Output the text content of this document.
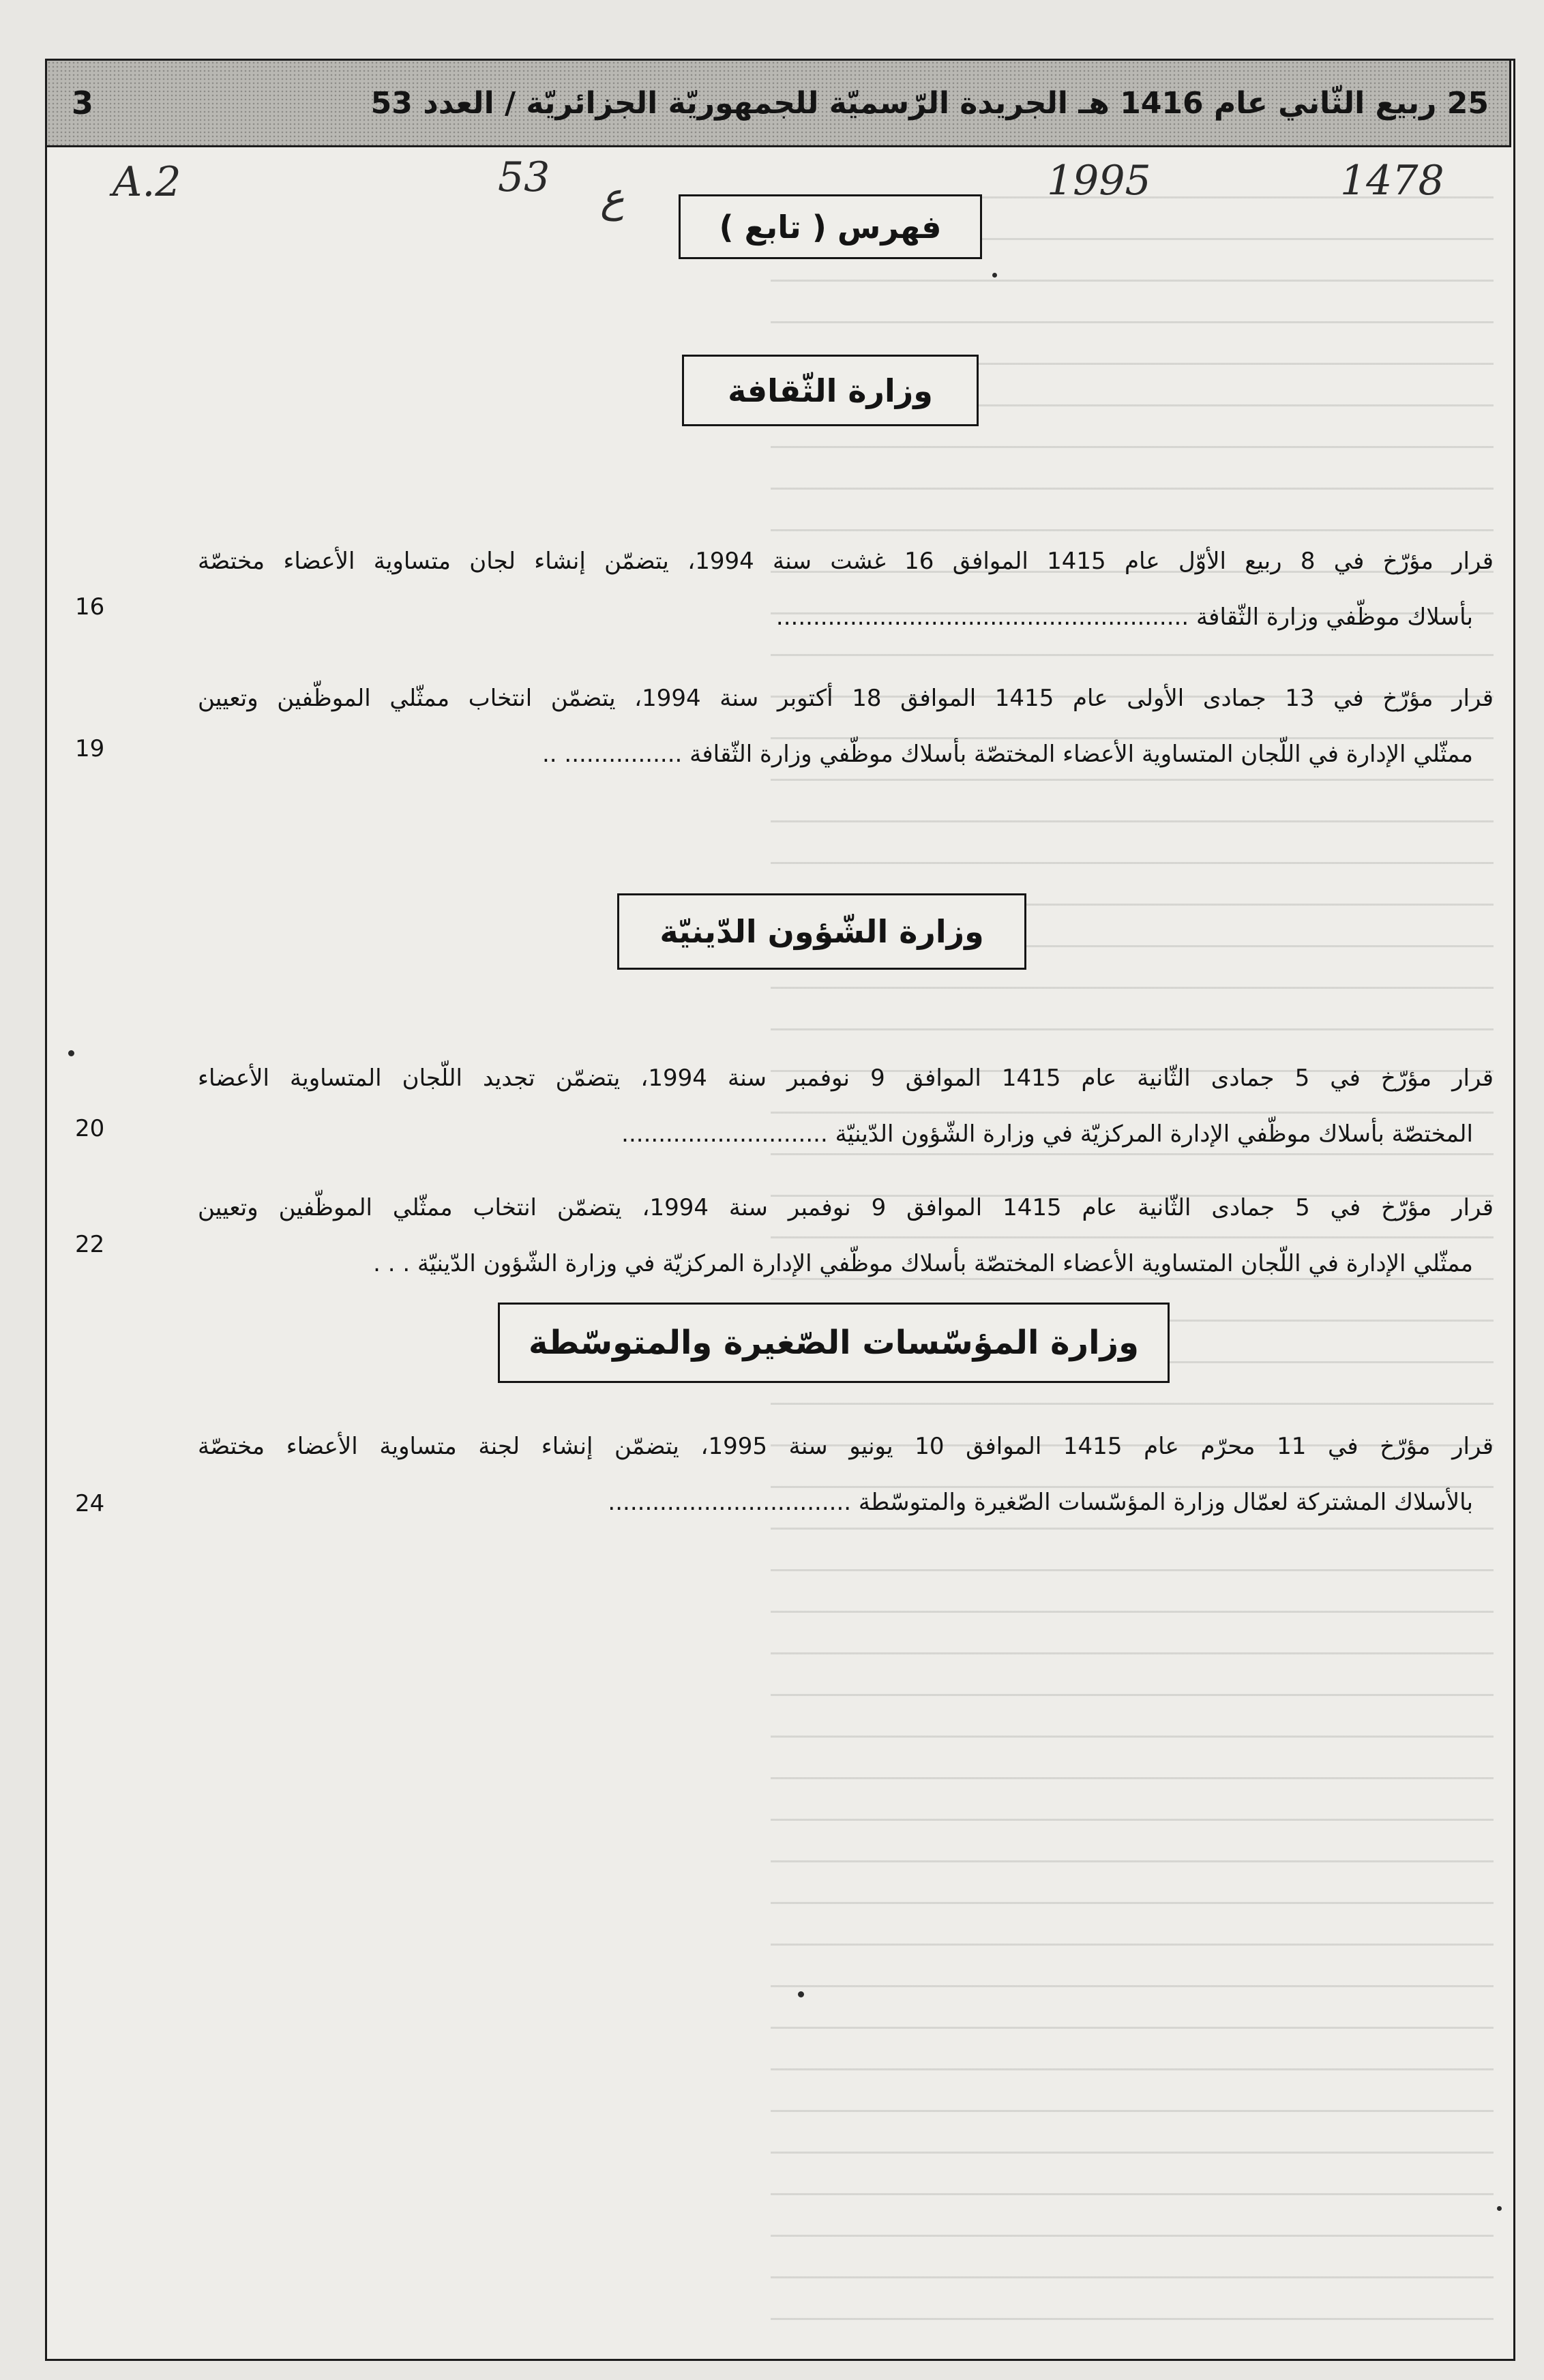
3	25 ربيع الثّاني عام 1416 هـ الجريدة الرّسميّة للجمهوريّة الجزائريّة / العدد 53
A.2	53 ع	1995	1478
فهرس ( تابع )
وزارة الثّقافة
قرار مؤرّخ في 8 ربيع الأوّل عام 1415 الموافق 16 غشت سنة 1994، يتضمّن إنشاء لجان متساوية الأعضاء مختصّة
بأسلاك موظّفي وزارة الثّقافة ........................................................
16
قرار مؤرّخ في 13 جمادى الأولى عام 1415 الموافق 18 أكتوبر سنة 1994، يتضمّن انتخاب ممثّلي الموظّفين وتعيين
ممثّلي الإدارة في اللّجان المتساوية الأعضاء المختصّة بأسلاك موظّفي وزارة الثّقافة ................ ..
19
وزارة الشّؤون الدّينيّة
قرار مؤرّخ في 5 جمادى الثّانية عام 1415 الموافق 9 نوفمبر سنة 1994، يتضمّن تجديد اللّجان المتساوية الأعضاء
المختصّة بأسلاك موظّفي الإدارة المركزيّة في وزارة الشّؤون الدّينيّة ............................
20
قرار مؤرّخ في 5 جمادى الثّانية عام 1415 الموافق 9 نوفمبر سنة 1994، يتضمّن انتخاب ممثّلي الموظّفين وتعيين
ممثّلي الإدارة في اللّجان المتساوية الأعضاء المختصّة بأسلاك موظّفي الإدارة المركزيّة في وزارة الشّؤون الدّينيّة . . .
22
وزارة المؤسّسات الصّغيرة والمتوسّطة
قرار مؤرّخ في 11 محرّم عام 1415 الموافق 10 يونيو سنة 1995، يتضمّن إنشاء لجنة متساوية الأعضاء مختصّة
بالأسلاك المشتركة لعمّال وزارة المؤسّسات الصّغيرة والمتوسّطة .................................
24
